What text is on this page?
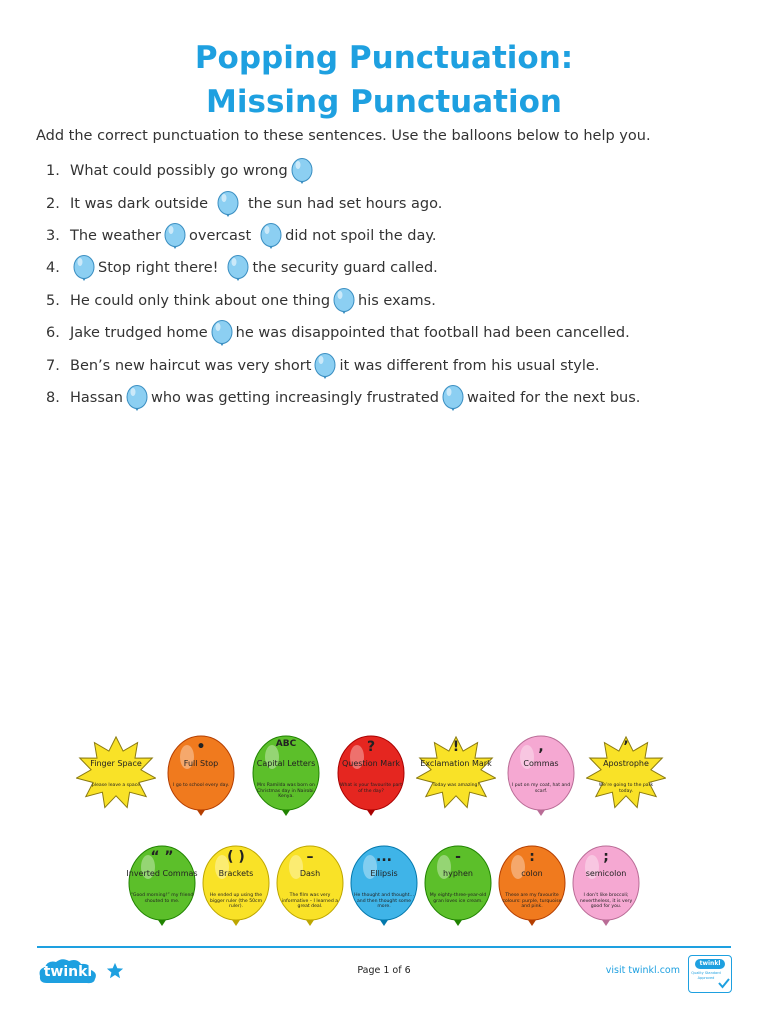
Popping Punctuation:
Missing Punctuation
Add the correct punctuation to these sentences. Use the balloons below to help you.
1. What could possibly go wrong
2. It was dark outside	the sun had set hours ago.
3. The weather overcast did not spoil the day.
4.	Stop right there! the security guard called.
5. He could only think about one thing his exams.
6. Jake trudged home he was disappointed that football had been cancelled.
7. Ben’s new haircut was very short it was different from his usual style.
8. Hassan who was getting increasingly frustrated waited for the next bus.
Finger Space
please leave a space
•
Full Stop
I go to school every day.
ABC
Capital Letters
Mrs Ramilda was born on Christmas day in Nairobi, Kenya.
?
Question Mark
What is your favourite part of the day?
!
Exclamation Mark
Today was amazing!
,
Commas
I put on my coat, hat and scarf.
’
Apostrophe
We’re going to the park today.
“ ”
Inverted Commas
“Good morning!” my friend shouted to me.
( )
Brackets
He ended up using the bigger ruler (the 50cm ruler).
–
Dash
The film was very informative – I learned a great deal.
...
Ellipsis
He thought and thought... and then thought some more.
-
hyphen
My eighty-three-year-old gran loves ice cream.
:
colon
These are my favourite colours: purple, turquoise and pink.
;
semicolon
I don’t like broccoli; nevertheless, it is very good for you.
twinkl	Page 1 of 6	visit twinkl.com
twinkl
Quality Standard Approved
